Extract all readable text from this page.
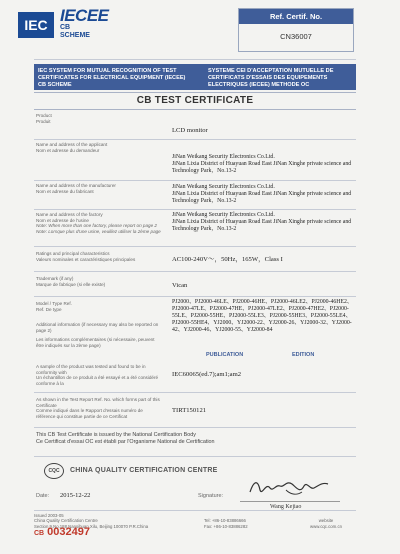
IEC IECEE
CB
SCHEME
Ref. Certif. No.
CN36007
IEC SYSTEM FOR MUTUAL RECOGNITION OF TEST CERTIFICATES FOR ELECTRICAL EQUIPMENT (IECEE) CB SCHEME
SYSTEME CEI D'ACCEPTATION MUTUELLE DE CERTIFICATS D'ESSAIS DES EQUIPEMENTS ELECTRIQUES (IECEE) METHODE OC
CB TEST CERTIFICATE
Product
Produit
LCD monitor
Name and address of the applicant
Nom et adresse du demandeur
JiNan Weikang Security Electronics Co.Ltd.
JiNan Lixia District of Huayuan Road East JiNan Xinghe private science and Technology Park，No.13-2
Name and address of the manufacturer
Nom et adresse du fabricant
JiNan Weikang Security Electronics Co.Ltd.
JiNan Lixia District of Huayuan Road East JiNan Xinghe private science and Technology Park，No.13-2
Name and address of the factory
Nom et adresse de l'usine
Note: When more than one factory, please report on page 2
Note: Lorsque plus d'une usine, veuillez utiliser la 2ème page
JiNan Weikang Security Electronics Co.Ltd.
JiNan Lixia District of Huayuan Road East JiNan Xinghe private science and Technology Park，No.13-2
Ratings and principal characteristics
Valeurs nominales et caractéristiques principales	AC100-240V～，50Hz，165W，Class I
Trademark (if any)
Marque de fabrique (si elle existe)	Vican
Model / Type Ref.
Ref. De type
PJ2000、PJ2000-46LE、PJ2000-46HE、PJ2000-46LE2、PJ2000-46HE2、PJ2000-47LE、PJ2000-47HE、PJ2000-47LE2、PJ2000-47HE2、PJ2000-55LE、PJ2000-55HE、PJ2000-55LE3、PJ2000-55HE3、PJ2000-55LE4、PJ2000-55HE4、YJ2000、YJ2000-22、YJ2000-26、YJ2000-32、YJ2000-42、YJ2000-46、YJ2000-55、YJ2000-84
Additional information (if necessary may also be reported on page 2)
Les informations complémentaires (si nécessaire, peuvent être indiqués sur la 2ème page)
PUBLICATION	EDITION
A sample of the product was tested and found to be in conformity with
Un échantillon de ce produit a été essayé et a été considéré conforme à la
IEC60065(ed.7);am1;am2
As shown in the Test Report Ref. No. which forms part of this Certificate
Comme indiqué dans le Rapport d'essais numéro de référence qui constitue partie de ce Certificat
TIRT150121
This CB Test Certificate is issued by the National Certification Body
Ce Certificat d'essai OC est établi par l'Organisme National de Certification
CQC CHINA QUALITY CERTIFICATION CENTRE
Date: 2015-12-22	Signature:
Wang Kejiao
Issued 2003-05
China Quality Certification Centre
Section 9,No.188,Nansihuan Xilu, Beijing 100070 P.R.China

Tel: +86-10-83886666
Fax: +86-10-83886282

website
www.cqc.com.cn
CB 0032497
